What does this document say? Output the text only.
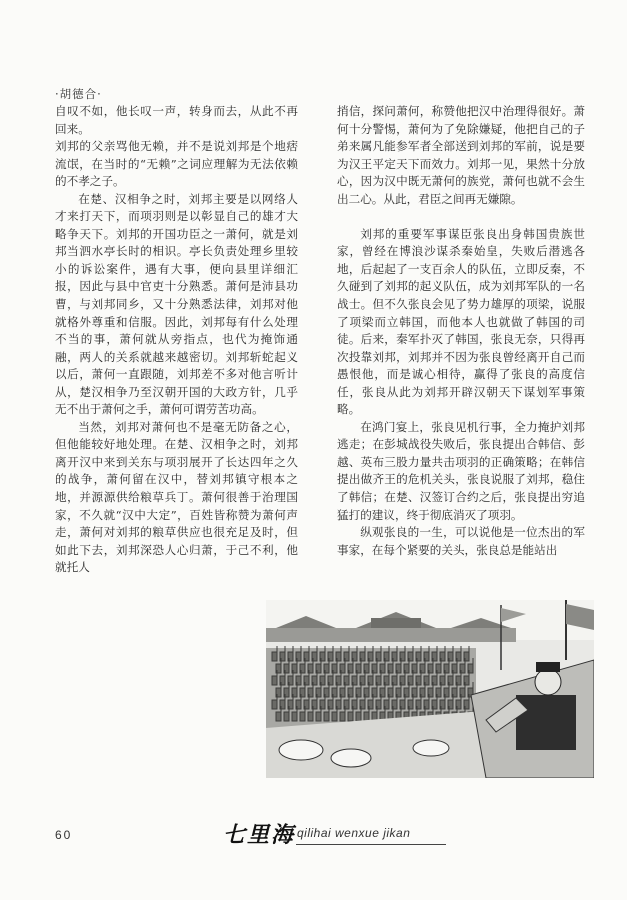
·胡德合·

自叹不如，他长叹一声，转身而去，从此不再回来。

刘邦的父亲骂他无赖，并不是说刘邦是个地痞流氓，在当时的“无赖”之词应理解为无法依赖的不孝之子。

在楚、汉相争之时，刘邦主要是以网络人才来打天下，而项羽则是以彰显自己的雄才大略争天下。刘邦的开国功臣之一萧何，就是刘邦当泗水亭长时的相识。亭长负责处理乡里较小的诉讼案件，遇有大事，便向县里详细汇报，因此与县中官吏十分熟悉。萧何是沛县功曹，与刘邦同乡，又十分熟悉法律，刘邦对他就格外尊重和信服。因此，刘邦每有什么处理不当的事，萧何就从旁指点，也代为掩饰通融，两人的关系就越来越密切。刘邦斩蛇起义以后，萧何一直跟随，刘邦差不多对他言听计从，楚汉相争乃至汉朝开国的大政方针，几乎无不出于萧何之手，萧何可谓劳苦功高。

当然，刘邦对萧何也不是毫无防备之心，但他能较好地处理。在楚、汉相争之时，刘邦离开汉中来到关东与项羽展开了长达四年之久的战争，萧何留在汉中，替刘邦镇守根本之地，并源源供给粮草兵丁。萧何很善于治理国家，不久就“汉中大定”，百姓皆称赞为萧何声走，萧何对刘邦的粮草供应也很充足及时，但如此下去，刘邦深恐人心归萧，于己不利，他就托人

捎信，探问萧何，称赞他把汉中治理得很好。萧何十分警惕，萧何为了免除嫌疑，他把自己的子弟来属凡能参军者全部送到刘邦的军前，说是要为汉王平定天下而效力。刘邦一见，果然十分放心，因为汉中既无萧何的族党，萧何也就不会生出二心。从此，君臣之间再无嫌隙。

刘邦的重要军事谋臣张良出身韩国贵族世家，曾经在博浪沙谋杀秦始皇，失败后潜逃各地，后起起了一支百余人的队伍，立即反秦，不久碰到了刘邦的起义队伍，成为刘邦军队的一名战士。但不久张良会见了势力雄厚的项梁，说服了项梁而立韩国，而他本人也就做了韩国的司徒。后来，秦军扑灭了韩国，张良无奈，只得再次投靠刘邦，刘邦并不因为张良曾经离开自己而愚恨他，而是诚心相待，赢得了张良的高度信任，张良从此为刘邦开辟汉朝天下谋划军事策略。

在鸿门宴上，张良见机行事，全力掩护刘邦逃走；在彭城战役失败后，张良提出合韩信、彭越、英布三股力量共击项羽的正确策略；在韩信提出做齐王的危机关头，张良说服了刘邦，稳住了韩信；在楚、汉签订合约之后，张良提出穷追猛打的建议，终于彻底消灭了项羽。

纵观张良的一生，可以说他是一位杰出的军事家，在每个紧要的关头，张良总是能站出

60	七里海 qilihai wenxue jikan
